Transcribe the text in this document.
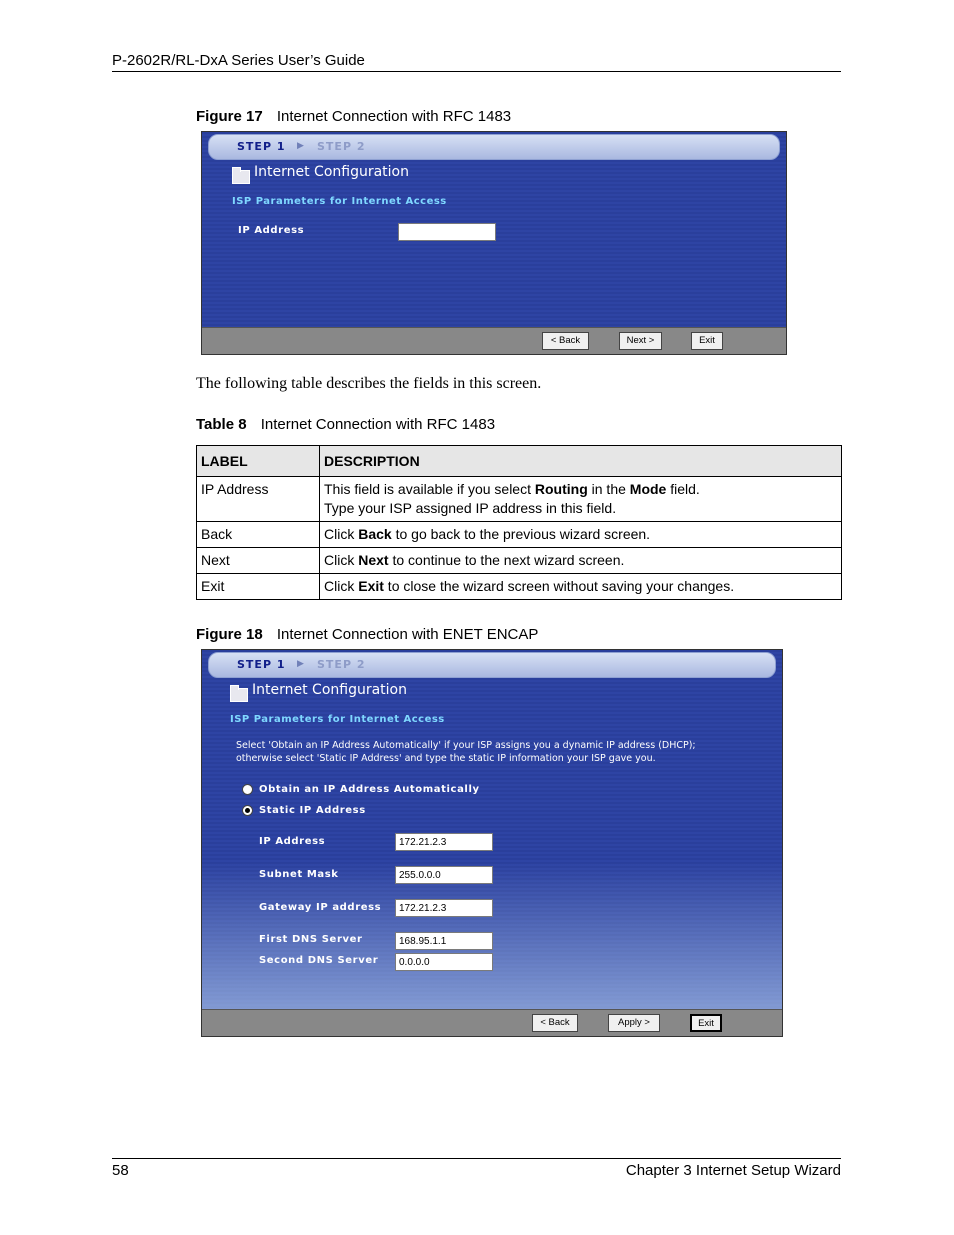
P-2602R/RL-DxA Series User’s Guide
Figure 17 Internet Connection with RFC 1483
STEP 1 ▶ STEP 2
Internet Configuration
ISP Parameters for Internet Access
IP Address
< Back	Next >	Exit
The following table describes the fields in this screen.
Table 8 Internet Connection with RFC 1483
LABEL	DESCRIPTION
IP Address	This field is available if you select Routing in the Mode field.
Type your ISP assigned IP address in this field.
Back	Click Back to go back to the previous wizard screen.
Next	Click Next to continue to the next wizard screen.
Exit	Click Exit to close the wizard screen without saving your changes.
Figure 18 Internet Connection with ENET ENCAP
STEP 1 ▶ STEP 2
Internet Configuration
ISP Parameters for Internet Access
Select 'Obtain an IP Address Automatically' if your ISP assigns you a dynamic IP address (DHCP);
otherwise select 'Static IP Address' and type the static IP information your ISP gave you.
Obtain an IP Address Automatically
Static IP Address
IP Address	172.21.2.3
Subnet Mask	255.0.0.0
Gateway IP address	172.21.2.3
First DNS Server	168.95.1.1
Second DNS Server	0.0.0.0
< Back	Apply >	Exit
58	Chapter 3 Internet Setup Wizard
